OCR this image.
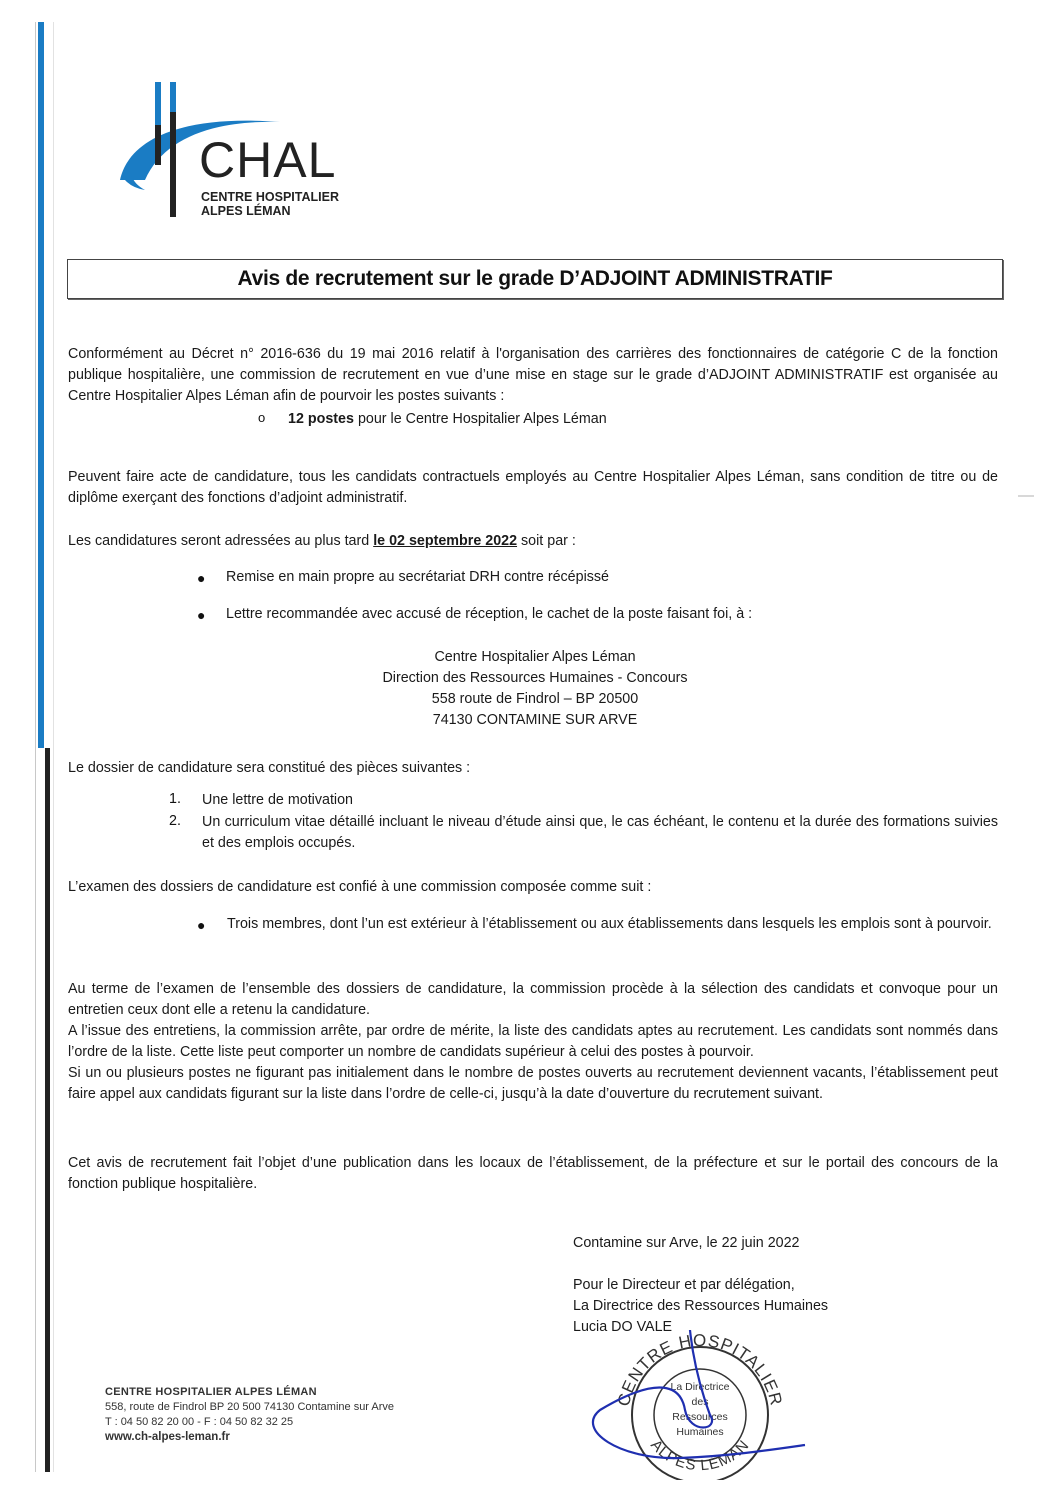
CHAL
CENTRE HOSPITALIER
ALPES LÉMAN
Avis de recrutement sur le grade D’ADJOINT ADMINISTRATIF
Conformément au Décret n° 2016-636 du 19 mai 2016 relatif à l'organisation des carrières des fonctionnaires de catégorie C de la fonction publique hospitalière, une commission de recrutement en vue d’une mise en stage sur le grade d’ADJOINT ADMINISTRATIF est organisée au Centre Hospitalier Alpes Léman afin de pourvoir les postes suivants :
o 12 postes pour le Centre Hospitalier Alpes Léman
Peuvent faire acte de candidature, tous les candidats contractuels employés au Centre Hospitalier Alpes Léman, sans condition de titre ou de diplôme exerçant des fonctions d’adjoint administratif.
Les candidatures seront adressées au plus tard le 02 septembre 2022 soit par :
● Remise en main propre au secrétariat DRH contre récépissé
● Lettre recommandée avec accusé de réception, le cachet de la poste faisant foi, à :
Centre Hospitalier Alpes Léman
Direction des Ressources Humaines - Concours
558 route de Findrol – BP 20500
74130 CONTAMINE SUR ARVE
Le dossier de candidature sera constitué des pièces suivantes :
1. Une lettre de motivation
2. Un curriculum vitae détaillé incluant le niveau d’étude ainsi que, le cas échéant, le contenu et la durée des formations suivies et des emplois occupés.
L’examen des dossiers de candidature est confié à une commission composée comme suit :
● Trois membres, dont l’un est extérieur à l’établissement ou aux établissements dans lesquels les emplois sont à pourvoir.
Au terme de l’examen de l’ensemble des dossiers de candidature, la commission procède à la sélection des candidats et convoque pour un entretien ceux dont elle a retenu la candidature.
A l’issue des entretiens, la commission arrête, par ordre de mérite, la liste des candidats aptes au recrutement. Les candidats sont nommés dans l’ordre de la liste. Cette liste peut comporter un nombre de candidats supérieur à celui des postes à pourvoir.
Si un ou plusieurs postes ne figurant pas initialement dans le nombre de postes ouverts au recrutement deviennent vacants, l’établissement peut faire appel aux candidats figurant sur la liste dans l’ordre de celle-ci, jusqu’à la date d’ouverture du recrutement suivant.
Cet avis de recrutement fait l’objet d’une publication dans les locaux de l’établissement, de la préfecture et sur le portail des concours de la fonction publique hospitalière.
Contamine sur Arve, le 22 juin 2022
Pour le Directeur et par délégation,
La Directrice des Ressources Humaines
Lucia DO VALE
CENTRE HOSPITALIER
ALPES LÉMAN
La Directrice
des
Ressources
Humaines
CENTRE HOSPITALIER ALPES LÉMAN
558, route de Findrol BP 20 500 74130 Contamine sur Arve
T : 04 50 82 20 00 - F : 04 50 82 32 25
www.ch-alpes-leman.fr
